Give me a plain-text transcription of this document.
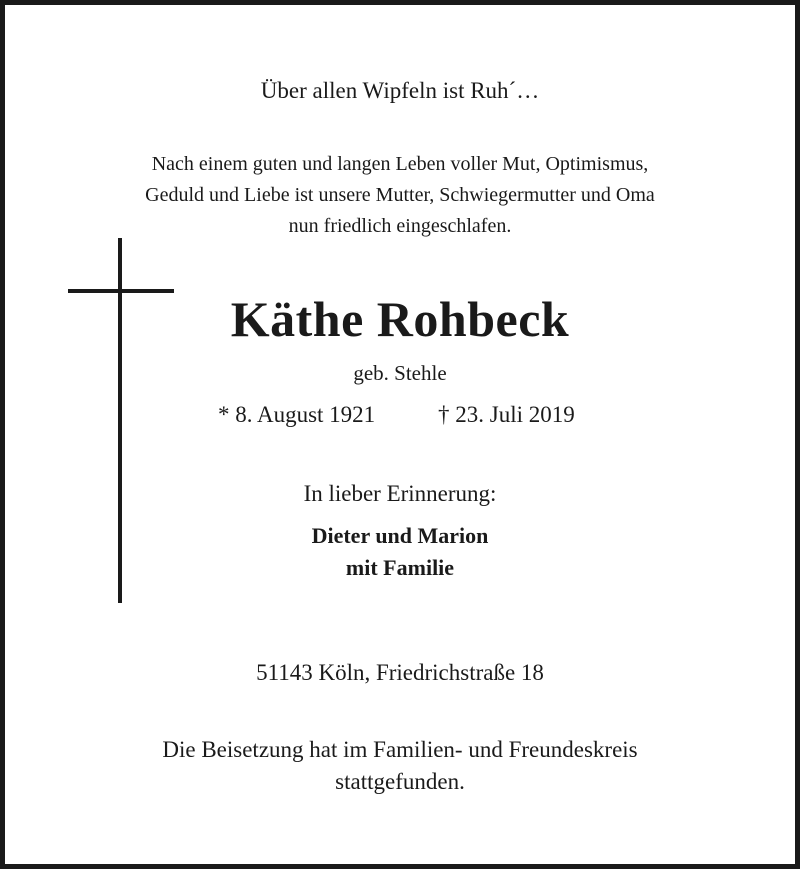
Über allen Wipfeln ist Ruh´…
Nach einem guten und langen Leben voller Mut, Optimismus,
Geduld und Liebe ist unsere Mutter, Schwiegermutter und Oma
nun friedlich eingeschlafen.
Käthe Rohbeck
geb. Stehle
* 8. August 1921	† 23. Juli 2019
In lieber Erinnerung:
Dieter und Marion
mit Familie
51143 Köln, Friedrichstraße 18
Die Beisetzung hat im Familien- und Freundeskreis
stattgefunden.
